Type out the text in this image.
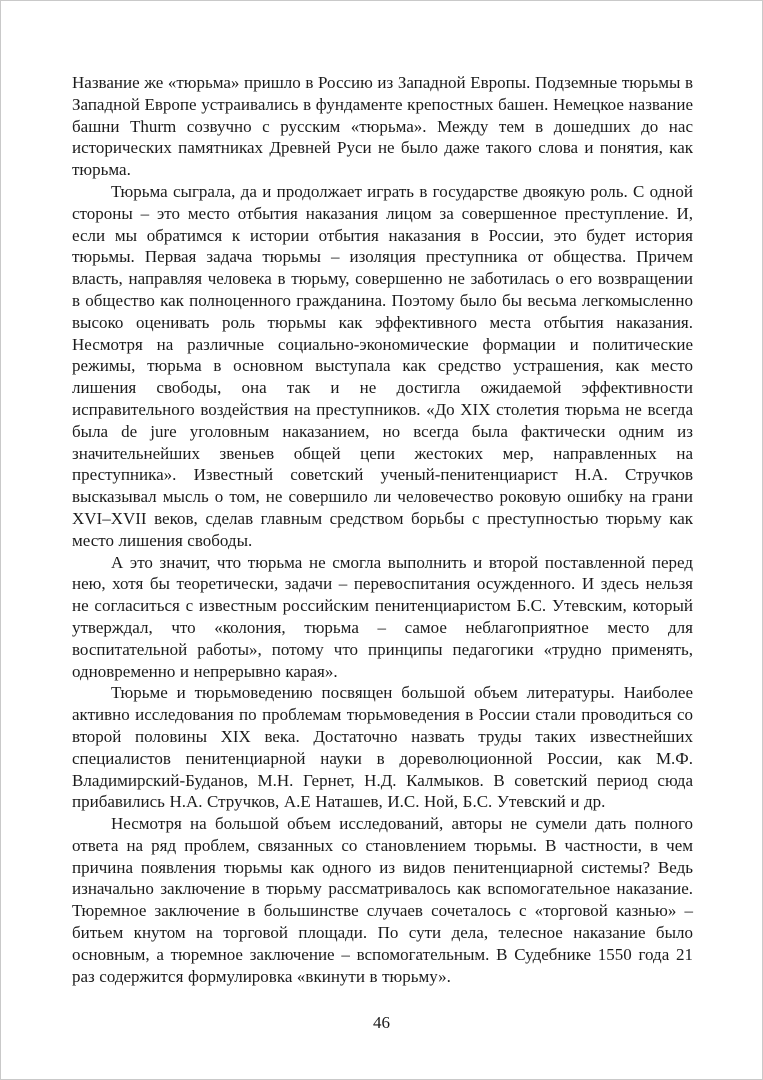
Название же «тюрьма» пришло в Россию из Западной Европы. Подземные тюрьмы в Западной Европе устраивались в фундаменте крепостных башен. Немецкое название башни Thurm созвучно с русским «тюрьма». Между тем в дошедших до нас исторических памятниках Древней Руси не было даже такого слова и понятия, как тюрьма.

Тюрьма сыграла, да и продолжает играть в государстве двоякую роль. С одной стороны – это место отбытия наказания лицом за совершенное преступление. И, если мы обратимся к истории отбытия наказания в России, это будет история тюрьмы. Первая задача тюрьмы – изоляция преступника от общества. Причем власть, направляя человека в тюрьму, совершенно не заботилась о его возвращении в общество как полноценного гражданина. Поэтому было бы весьма легкомысленно высоко оценивать роль тюрьмы как эффективного места отбытия наказания. Несмотря на различные социально-экономические формации и политические режимы, тюрьма в основном выступала как средство устрашения, как место лишения свободы, она так и не достигла ожидаемой эффективности исправительного воздействия на преступников. «До XIX столетия тюрьма не всегда была de jure уголовным наказанием, но всегда была фактически одним из значительнейших звеньев общей цепи жестоких мер, направленных на преступника». Известный советский ученый-пенитенциарист Н.А. Стручков высказывал мысль о том, не совершило ли человечество роковую ошибку на грани XVI–XVII веков, сделав главным средством борьбы с преступностью тюрьму как место лишения свободы.

А это значит, что тюрьма не смогла выполнить и второй поставленной перед нею, хотя бы теоретически, задачи – перевоспитания осужденного. И здесь нельзя не согласиться с известным российским пенитенциаристом Б.С. Утевским, который утверждал, что «колония, тюрьма – самое неблагоприятное место для воспитательной работы», потому что принципы педагогики «трудно применять, одновременно и непрерывно карая».

Тюрьме и тюрьмоведению посвящен большой объем литературы. Наиболее активно исследования по проблемам тюрьмоведения в России стали проводиться со второй половины XIX века. Достаточно назвать труды таких известнейших специалистов пенитенциарной науки в дореволюционной России, как М.Ф. Владимирский-Буданов, М.Н. Гернет, Н.Д. Калмыков. В советский период сюда прибавились Н.А. Стручков, А.Е Наташев, И.С. Ной, Б.С. Утевский и др.

Несмотря на большой объем исследований, авторы не сумели дать полного ответа на ряд проблем, связанных со становлением тюрьмы. В частности, в чем причина появления тюрьмы как одного из видов пенитенциарной системы? Ведь изначально заключение в тюрьму рассматривалось как вспомогательное наказание. Тюремное заключение в большинстве случаев сочеталось с «торговой казнью» – битьем кнутом на торговой площади. По сути дела, телесное наказание было основным, а тюремное заключение – вспомогательным. В Судебнике 1550 года 21 раз содержится формулировка «вкинути в тюрьму».

46
